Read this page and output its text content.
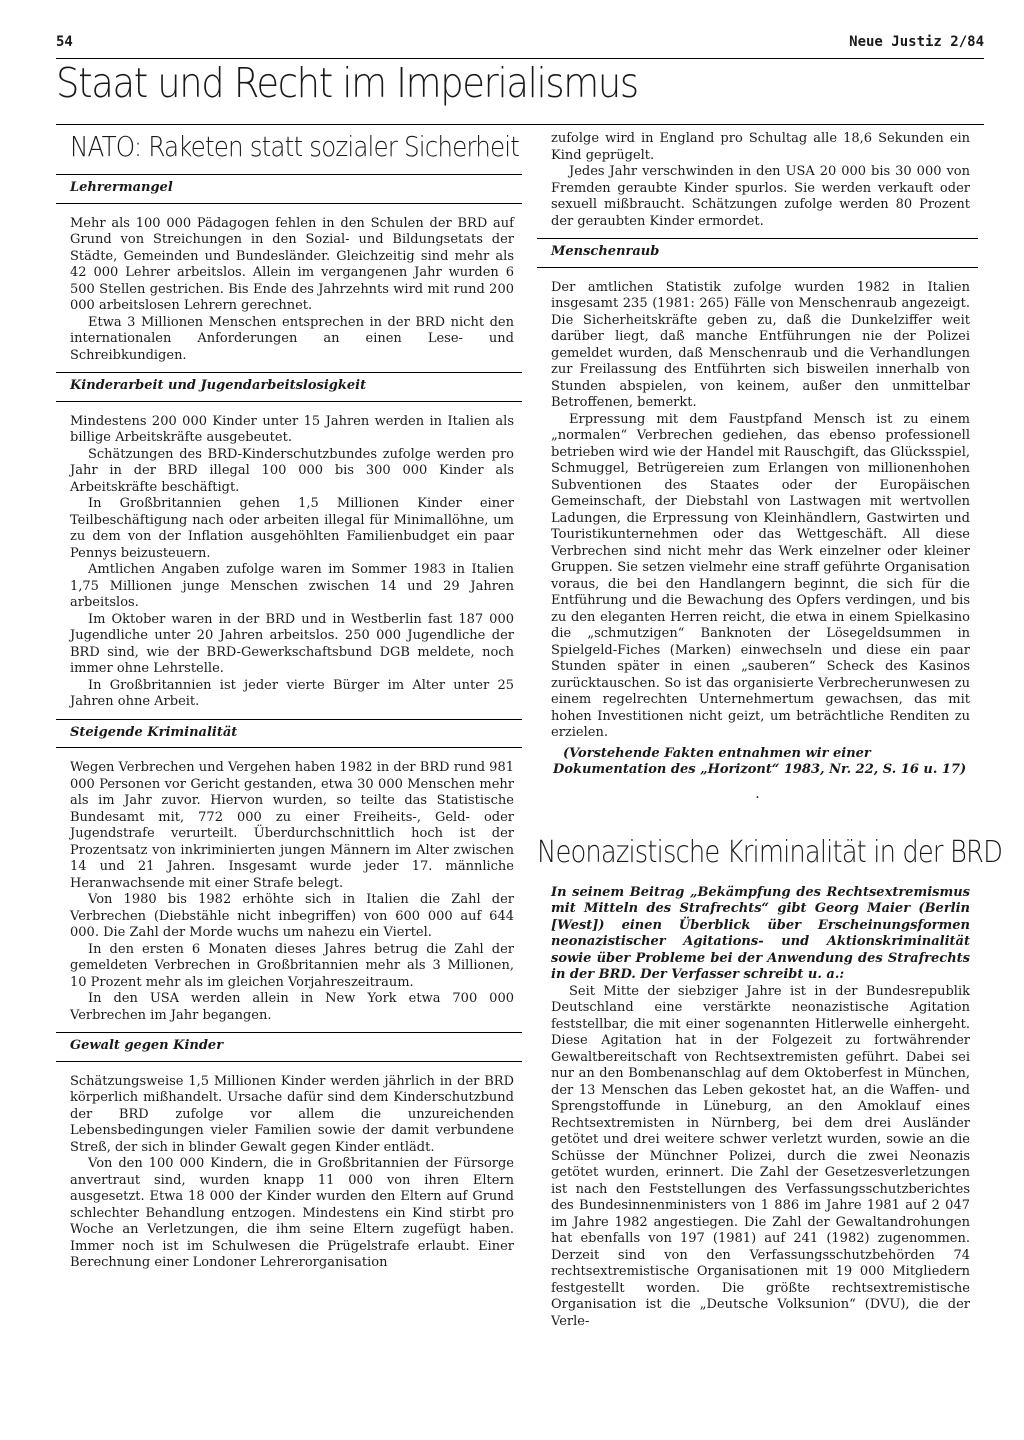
54	Neue Justiz 2/84
Staat und Recht im Imperialismus
NATO: Raketen statt sozialer Sicherheit
Lehrermangel

Mehr als 100 000 Pädagogen fehlen in den Schulen der BRD auf Grund von Streichungen in den Sozial- und Bildungsetats der Städte, Gemeinden und Bundesländer. Gleichzeitig sind mehr als 42 000 Lehrer arbeitslos. Allein im vergangenen Jahr wurden 6 500 Stellen gestrichen. Bis Ende des Jahrzehnts wird mit rund 200 000 arbeitslosen Lehrern gerechnet.

Etwa 3 Millionen Menschen entsprechen in der BRD nicht den internationalen Anforderungen an einen Lese- und Schreibkundigen.

Kinderarbeit und Jugendarbeitslosigkeit

Mindestens 200 000 Kinder unter 15 Jahren werden in Italien als billige Arbeitskräfte ausgebeutet.

Schätzungen des BRD-Kinderschutzbundes zufolge werden pro Jahr in der BRD illegal 100 000 bis 300 000 Kinder als Arbeitskräfte beschäftigt.

In Großbritannien gehen 1,5 Millionen Kinder einer Teilbeschäftigung nach oder arbeiten illegal für Minimallöhne, um zu dem von der Inflation ausgehöhlten Familienbudget ein paar Pennys beizusteuern.

Amtlichen Angaben zufolge waren im Sommer 1983 in Italien 1,75 Millionen junge Menschen zwischen 14 und 29 Jahren arbeitslos.

Im Oktober waren in der BRD und in Westberlin fast 187 000 Jugendliche unter 20 Jahren arbeitslos. 250 000 Jugendliche der BRD sind, wie der BRD-Gewerkschaftsbund DGB meldete, noch immer ohne Lehrstelle.

In Großbritannien ist jeder vierte Bürger im Alter unter 25 Jahren ohne Arbeit.

Steigende Kriminalität

Wegen Verbrechen und Vergehen haben 1982 in der BRD rund 981 000 Personen vor Gericht gestanden, etwa 30 000 Menschen mehr als im Jahr zuvor. Hiervon wurden, so teilte das Statistische Bundesamt mit, 772 000 zu einer Freiheits-, Geld- oder Jugendstrafe verurteilt. Überdurchschnittlich hoch ist der Prozentsatz von inkriminierten jungen Männern im Alter zwischen 14 und 21 Jahren. Insgesamt wurde jeder 17. männliche Heranwachsende mit einer Strafe belegt.

Von 1980 bis 1982 erhöhte sich in Italien die Zahl der Verbrechen (Diebstähle nicht inbegriffen) von 600 000 auf 644 000. Die Zahl der Morde wuchs um nahezu ein Viertel.

In den ersten 6 Monaten dieses Jahres betrug die Zahl der gemeldeten Verbrechen in Großbritannien mehr als 3 Millionen, 10 Prozent mehr als im gleichen Vorjahreszeitraum.

In den USA werden allein in New York etwa 700 000 Verbrechen im Jahr begangen.

Gewalt gegen Kinder

Schätzungsweise 1,5 Millionen Kinder werden jährlich in der BRD körperlich mißhandelt. Ursache dafür sind dem Kinderschutzbund der BRD zufolge vor allem die unzureichenden Lebensbedingungen vieler Familien sowie der damit verbundene Streß, der sich in blinder Gewalt gegen Kinder entlädt.

Von den 100 000 Kindern, die in Großbritannien der Fürsorge anvertraut sind, wurden knapp 11 000 von ihren Eltern ausgesetzt. Etwa 18 000 der Kinder wurden den Eltern auf Grund schlechter Behandlung entzogen. Mindestens ein Kind stirbt pro Woche an Verletzungen, die ihm seine Eltern zugefügt haben. Immer noch ist im Schulwesen die Prügelstrafe erlaubt. Einer Berechnung einer Londoner Lehrerorganisation

zufolge wird in England pro Schultag alle 18,6 Sekunden ein Kind geprügelt.

Jedes Jahr verschwinden in den USA 20 000 bis 30 000 von Fremden geraubte Kinder spurlos. Sie werden verkauft oder sexuell mißbraucht. Schätzungen zufolge werden 80 Prozent der geraubten Kinder ermordet.

Menschenraub

Der amtlichen Statistik zufolge wurden 1982 in Italien insgesamt 235 (1981: 265) Fälle von Menschenraub angezeigt. Die Sicherheitskräfte geben zu, daß die Dunkelziffer weit darüber liegt, daß manche Entführungen nie der Polizei gemeldet wurden, daß Menschenraub und die Verhandlungen zur Freilassung des Entführten sich bisweilen innerhalb von Stunden abspielen, von keinem, außer den unmittelbar Betroffenen, bemerkt.

Erpressung mit dem Faustpfand Mensch ist zu einem „normalen“ Verbrechen gediehen, das ebenso professionell betrieben wird wie der Handel mit Rauschgift, das Glücksspiel, Schmuggel, Betrügereien zum Erlangen von millionenhohen Subventionen des Staates oder der Europäischen Gemeinschaft, der Diebstahl von Lastwagen mit wertvollen Ladungen, die Erpressung von Kleinhändlern, Gastwirten und Touristikunternehmen oder das Wettgeschäft. All diese Verbrechen sind nicht mehr das Werk einzelner oder kleiner Gruppen. Sie setzen vielmehr eine straff geführte Organisation voraus, die bei den Handlangern beginnt, die sich für die Entführung und die Bewachung des Opfers verdingen, und bis zu den eleganten Herren reicht, die etwa in einem Spielkasino die „schmutzigen“ Banknoten der Lösegeldsummen in Spielgeld-Fiches (Marken) einwechseln und diese ein paar Stunden später in einen „sauberen“ Scheck des Kasinos zurücktauschen. So ist das organisierte Verbrecherunwesen zu einem regelrechten Unternehmertum gewachsen, das mit hohen Investitionen nicht geizt, um beträchtliche Renditen zu erzielen.

(Vorstehende Fakten entnahmen wir einer Dokumentation des „Horizont“ 1983, Nr. 22, S. 16 u. 17)

·
Neonazistische Kriminalität in der BRD

In seinem Beitrag „Bekämpfung des Rechtsextremismus mit Mitteln des Strafrechts“ gibt Georg Maier (Berlin [West]) einen Überblick über Erscheinungsformen neonazistischer Agitations- und Aktionskriminalität sowie über Probleme bei der Anwendung des Strafrechts in der BRD. Der Verfasser schreibt u. a.:

Seit Mitte der siebziger Jahre ist in der Bundesrepublik Deutschland eine verstärkte neonazistische Agitation feststellbar, die mit einer sogenannten Hitlerwelle einhergeht. Diese Agitation hat in der Folgezeit zu fortwährender Gewaltbereitschaft von Rechtsextremisten geführt. Dabei sei nur an den Bombenanschlag auf dem Oktoberfest in München, der 13 Menschen das Leben gekostet hat, an die Waffen- und Sprengstoffunde in Lüneburg, an den Amoklauf eines Rechtsextremisten in Nürnberg, bei dem drei Ausländer getötet und drei weitere schwer verletzt wurden, sowie an die Schüsse der Münchner Polizei, durch die zwei Neonazis getötet wurden, erinnert. Die Zahl der Gesetzesverletzungen ist nach den Feststellungen des Verfassungsschutzberichtes des Bundesinnenministers von 1 886 im Jahre 1981 auf 2 047 im Jahre 1982 angestiegen. Die Zahl der Gewaltandrohungen hat ebenfalls von 197 (1981) auf 241 (1982) zugenommen. Derzeit sind von den Verfassungsschutzbehörden 74 rechtsextremistische Organisationen mit 19 000 Mitgliedern festgestellt worden. Die größte rechtsextremistische Organisation ist die „Deutsche Volksunion“ (DVU), die der Verle-
